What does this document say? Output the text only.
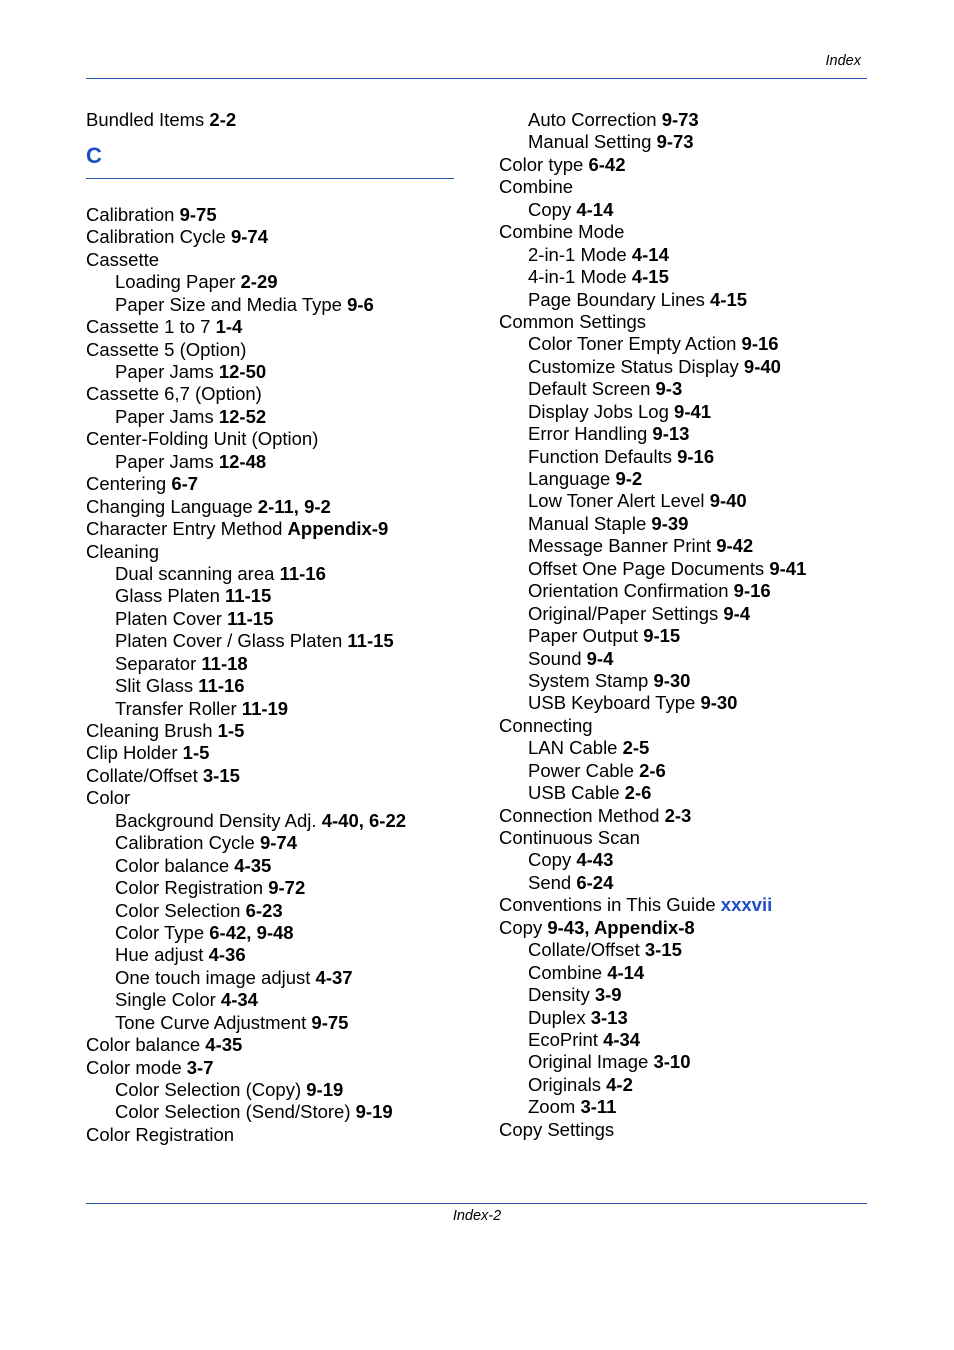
Index
Bundled Items 2-2
C
Calibration 9-75
Calibration Cycle 9-74
Cassette
Loading Paper 2-29
Paper Size and Media Type 9-6
Cassette 1 to 7 1-4
Cassette 5 (Option)
Paper Jams 12-50
Cassette 6,7 (Option)
Paper Jams 12-52
Center-Folding Unit (Option)
Paper Jams 12-48
Centering 6-7
Changing Language 2-11, 9-2
Character Entry Method Appendix-9
Cleaning
Dual scanning area 11-16
Glass Platen 11-15
Platen Cover 11-15
Platen Cover / Glass Platen 11-15
Separator 11-18
Slit Glass 11-16
Transfer Roller 11-19
Cleaning Brush 1-5
Clip Holder 1-5
Collate/Offset 3-15
Color
Background Density Adj. 4-40, 6-22
Calibration Cycle 9-74
Color balance 4-35
Color Registration 9-72
Color Selection 6-23
Color Type 6-42, 9-48
Hue adjust 4-36
One touch image adjust 4-37
Single Color 4-34
Tone Curve Adjustment 9-75
Color balance 4-35
Color mode 3-7
Color Selection (Copy) 9-19
Color Selection (Send/Store) 9-19
Color Registration
Auto Correction 9-73
Manual Setting 9-73
Color type 6-42
Combine
Copy 4-14
Combine Mode
2-in-1 Mode 4-14
4-in-1 Mode 4-15
Page Boundary Lines 4-15
Common Settings
Color Toner Empty Action 9-16
Customize Status Display 9-40
Default Screen 9-3
Display Jobs Log 9-41
Error Handling 9-13
Function Defaults 9-16
Language 9-2
Low Toner Alert Level 9-40
Manual Staple 9-39
Message Banner Print 9-42
Offset One Page Documents 9-41
Orientation Confirmation 9-16
Original/Paper Settings 9-4
Paper Output 9-15
Sound 9-4
System Stamp 9-30
USB Keyboard Type 9-30
Connecting
LAN Cable 2-5
Power Cable 2-6
USB Cable 2-6
Connection Method 2-3
Continuous Scan
Copy 4-43
Send 6-24
Conventions in This Guide xxxvii
Copy 9-43, Appendix-8
Collate/Offset 3-15
Combine 4-14
Density 3-9
Duplex 3-13
EcoPrint 4-34
Original Image 3-10
Originals 4-2
Zoom 3-11
Copy Settings
Index-2
